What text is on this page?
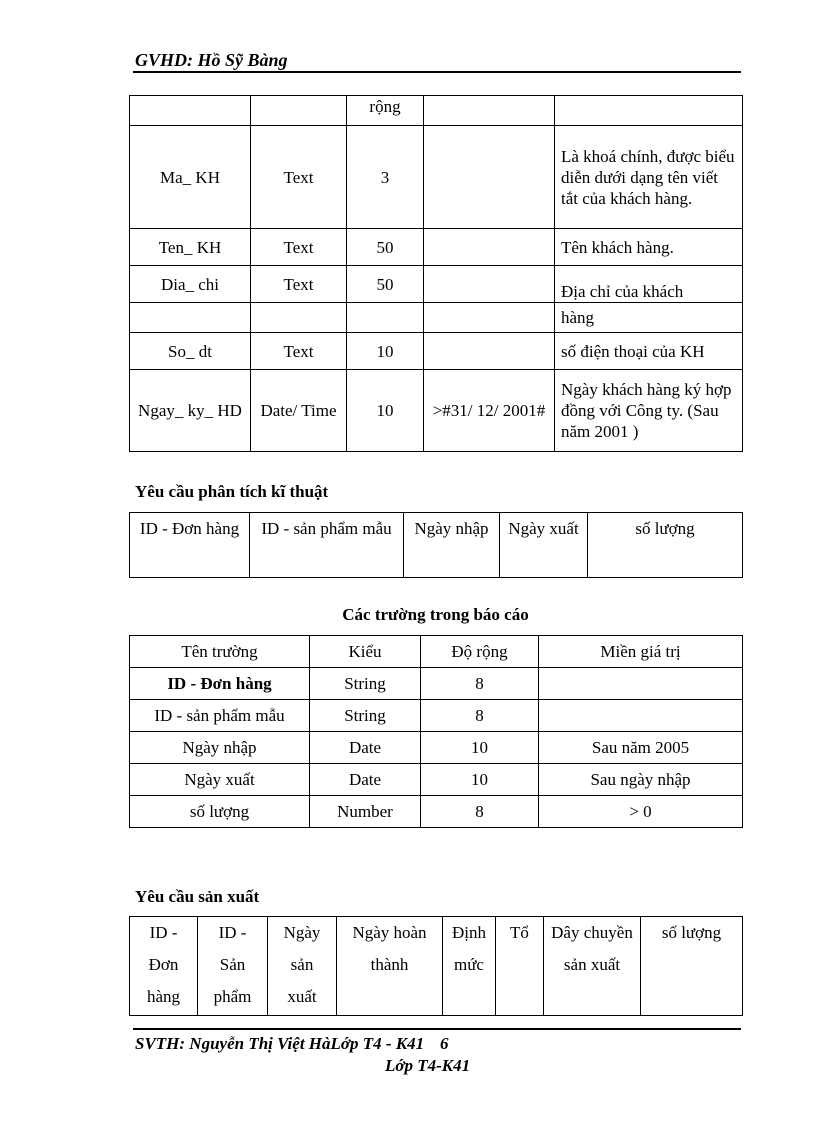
GVHD: Hồ Sỹ Bàng
		rộng		
Ma_ KH	Text	3		Là khoá chính, được biểu diễn dưới dạng tên viết tắt của khách hàng.
Ten_ KH	Text	50		Tên khách hàng.
Dia_ chi	Text	50		Địa chỉ của khách
				hàng
So_ dt	Text	10		số điện thoại của KH
Ngay_ ky_ HD	Date/ Time	10	>#31/ 12/ 2001#	Ngày khách hàng ký hợp đồng với Công ty. (Sau năm 2001 )
Yêu cầu phân tích kĩ thuật
ID - Đơn hàng	ID - sản phẩm mẫu	Ngày nhập	Ngày xuất	số lượng
Các trường trong báo cáo
Tên trường	Kiểu	Độ rộng	Miền giá trị
ID - Đơn hàng	String	8	
ID - sản phẩm mẫu	String	8	
Ngày nhập	Date	10	Sau năm 2005
Ngày xuất	Date	10	Sau ngày nhập
số lượng	Number	8	> 0
Yêu cầu sản xuất
ID - Đơn hàng	ID - Sản phẩm	Ngày sản xuất	Ngày hoàn thành	Định mức	Tổ	Dây chuyền sản xuất	số lượng
SVTH: Nguyễn Thị Việt HàLớp T4 - K41 6
Lớp T4-K41
